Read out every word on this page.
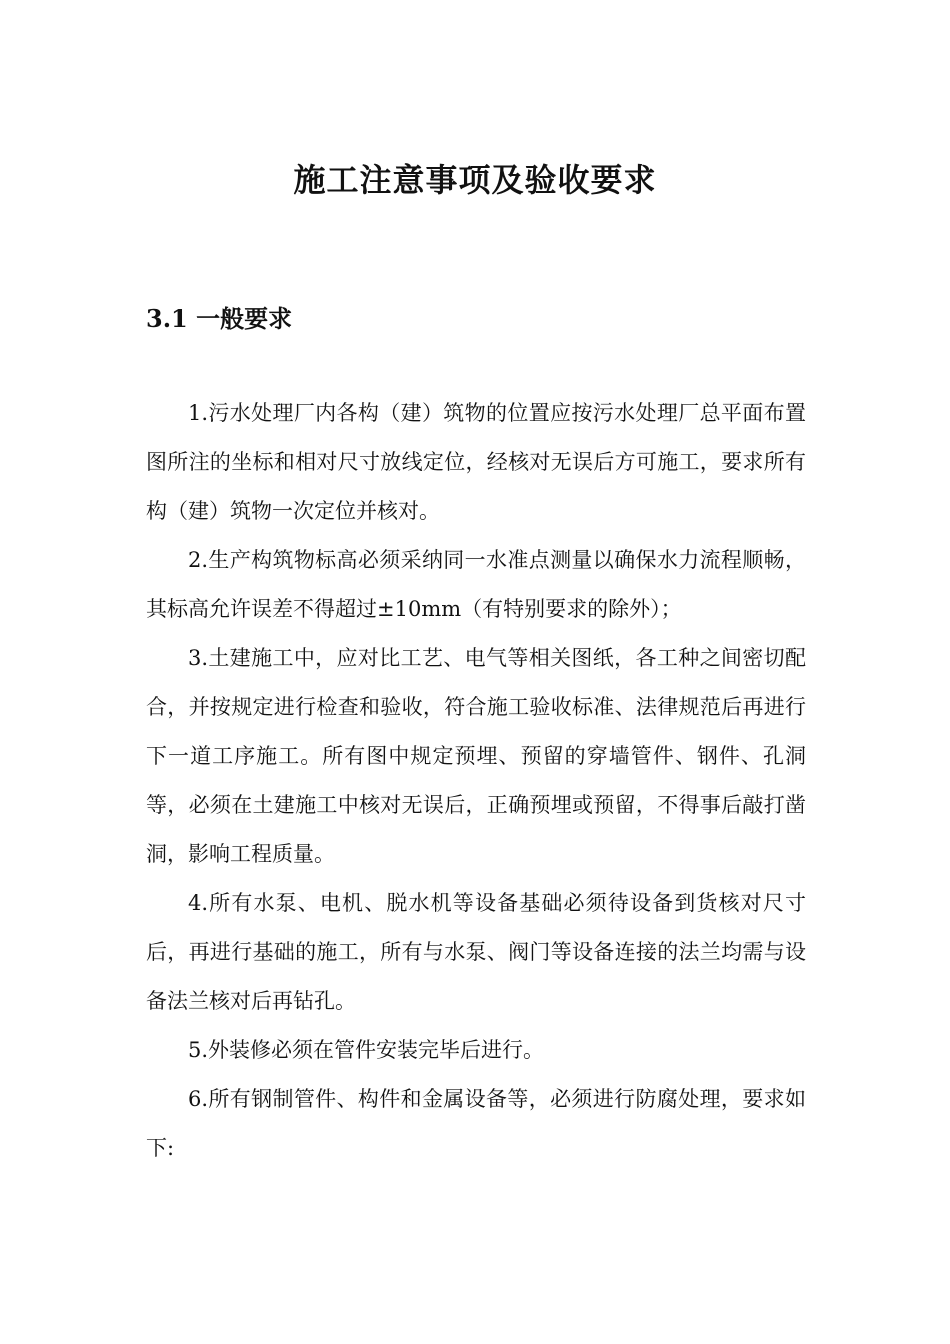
施工注意事项及验收要求
3.1 一般要求

1.污水处理厂内各构（建）筑物的位置应按污水处理厂总平面布置图所注的坐标和相对尺寸放线定位，经核对无误后方可施工，要求所有构（建）筑物一次定位并核对。

2.生产构筑物标高必须采纳同一水准点测量以确保水力流程顺畅，其标高允许误差不得超过±10mm（有特别要求的除外）；

3.土建施工中，应对比工艺、电气等相关图纸，各工种之间密切配合，并按规定进行检查和验收，符合施工验收标准、法律规范后再进行下一道工序施工。所有图中规定预埋、预留的穿墙管件、钢件、孔洞等，必须在土建施工中核对无误后，正确预埋或预留，不得事后敲打凿洞，影响工程质量。

4.所有水泵、电机、脱水机等设备基础必须待设备到货核对尺寸后，再进行基础的施工，所有与水泵、阀门等设备连接的法兰均需与设备法兰核对后再钻孔。

5.外装修必须在管件安装完毕后进行。

6.所有钢制管件、构件和金属设备等，必须进行防腐处理，要求如下:
